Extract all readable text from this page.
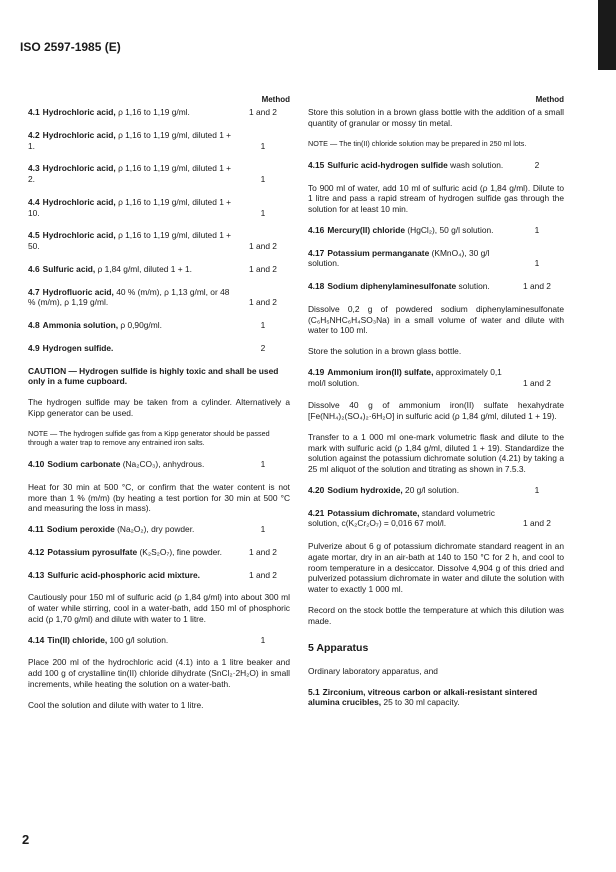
ISO 2597-1985 (E)
Method
4.1 Hydrochloric acid, ρ 1,16 to 1,19 g/ml.	1 and 2
4.2 Hydrochloric acid, ρ 1,16 to 1,19 g/ml, diluted 1 + 1.	1
4.3 Hydrochloric acid, ρ 1,16 to 1,19 g/ml, diluted 1 + 2.	1
4.4 Hydrochloric acid, ρ 1,16 to 1,19 g/ml, diluted 1 + 10.	1
4.5 Hydrochloric acid, ρ 1,16 to 1,19 g/ml, diluted 1 + 50.	1 and 2
4.6 Sulfuric acid, ρ 1,84 g/ml, diluted 1 + 1.	1 and 2
4.7 Hydrofluoric acid, 40 % (m/m), ρ 1,13 g/ml, or 48 % (m/m), ρ 1,19 g/ml.	1 and 2
4.8 Ammonia solution, ρ 0,90g/ml.	1
4.9 Hydrogen sulfide.	2

CAUTION — Hydrogen sulfide is highly toxic and shall be used only in a fume cupboard.

The hydrogen sulfide may be taken from a cylinder. Alternatively a Kipp generator can be used.

NOTE — The hydrogen sulfide gas from a Kipp generator should be passed through a water trap to remove any entrained iron salts.

4.10 Sodium carbonate (Na₂CO₃), anhydrous.	1

Heat for 30 min at 500 °C, or confirm that the water content is not more than 1 % (m/m) (by heating a test portion for 30 min at 500 °C and measuring the loss in mass).

4.11 Sodium peroxide (Na₂O₂), dry powder.	1
4.12 Potassium pyrosulfate (K₂S₂O₇), fine powder.	1 and 2
4.13 Sulfuric acid-phosphoric acid mixture.	1 and 2

Cautiously pour 150 ml of sulfuric acid (ρ 1,84 g/ml) into about 300 ml of water while stirring, cool in a water-bath, add 150 ml of phosphoric acid (ρ 1,70 g/ml) and dilute with water to 1 litre.

4.14 Tin(II) chloride, 100 g/l solution.	1

Place 200 ml of the hydrochloric acid (4.1) into a 1 litre beaker and add 100 g of crystalline tin(II) chloride dihydrate (SnCl₂·2H₂O) in small increments, while heating the solution on a water-bath.

Cool the solution and dilute with water to 1 litre.

Method

Store this solution in a brown glass bottle with the addition of a small quantity of granular or mossy tin metal.

NOTE — The tin(II) chloride solution may be prepared in 250 ml lots.

4.15 Sulfuric acid-hydrogen sulfide wash solution.	2

To 900 ml of water, add 10 ml of sulfuric acid (ρ 1,84 g/ml). Dilute to 1 litre and pass a rapid stream of hydrogen sulfide gas through the solution for at least 10 min.

4.16 Mercury(II) chloride (HgCl₂), 50 g/l solution.	1
4.17 Potassium permanganate (KMnO₄), 30 g/l solution.	1
4.18 Sodium diphenylaminesulfonate solution.	1 and 2

Dissolve 0,2 g of powdered sodium diphenylaminesulfonate (C₆H₅NHC₆H₄SO₃Na) in a small volume of water and dilute with water to 100 ml.

Store the solution in a brown glass bottle.

4.19 Ammonium iron(II) sulfate, approximately 0,1 mol/l solution.	1 and 2

Dissolve 40 g of ammonium iron(II) sulfate hexahydrate [Fe(NH₄)₂(SO₄)₂·6H₂O] in sulfuric acid (ρ 1,84 g/ml, diluted 1 + 19).

Transfer to a 1 000 ml one-mark volumetric flask and dilute to the mark with sulfuric acid (ρ 1,84 g/ml, diluted 1 + 19). Standardize the solution against the potassium dichromate solution (4.21) by taking a 25 ml aliquot of the solution and titrating as shown in 7.5.3.

4.20 Sodium hydroxide, 20 g/l solution.	1
4.21 Potassium dichromate, standard volumetric solution, c(K₂Cr₂O₇) = 0,016 67 mol/l.	1 and 2

Pulverize about 6 g of potassium dichromate standard reagent in an agate mortar, dry in an air-bath at 140 to 150 °C for 2 h, and cool to room temperature in a desiccator. Dissolve 4,904 g of this dried and pulverized potassium dichromate in water and dilute the solution with water to exactly 1 000 ml.

Record on the stock bottle the temperature at which this dilution was made.

5 Apparatus

Ordinary laboratory apparatus, and

5.1 Zirconium, vitreous carbon or alkali-resistant sintered alumina crucibles, 25 to 30 ml capacity.
2
